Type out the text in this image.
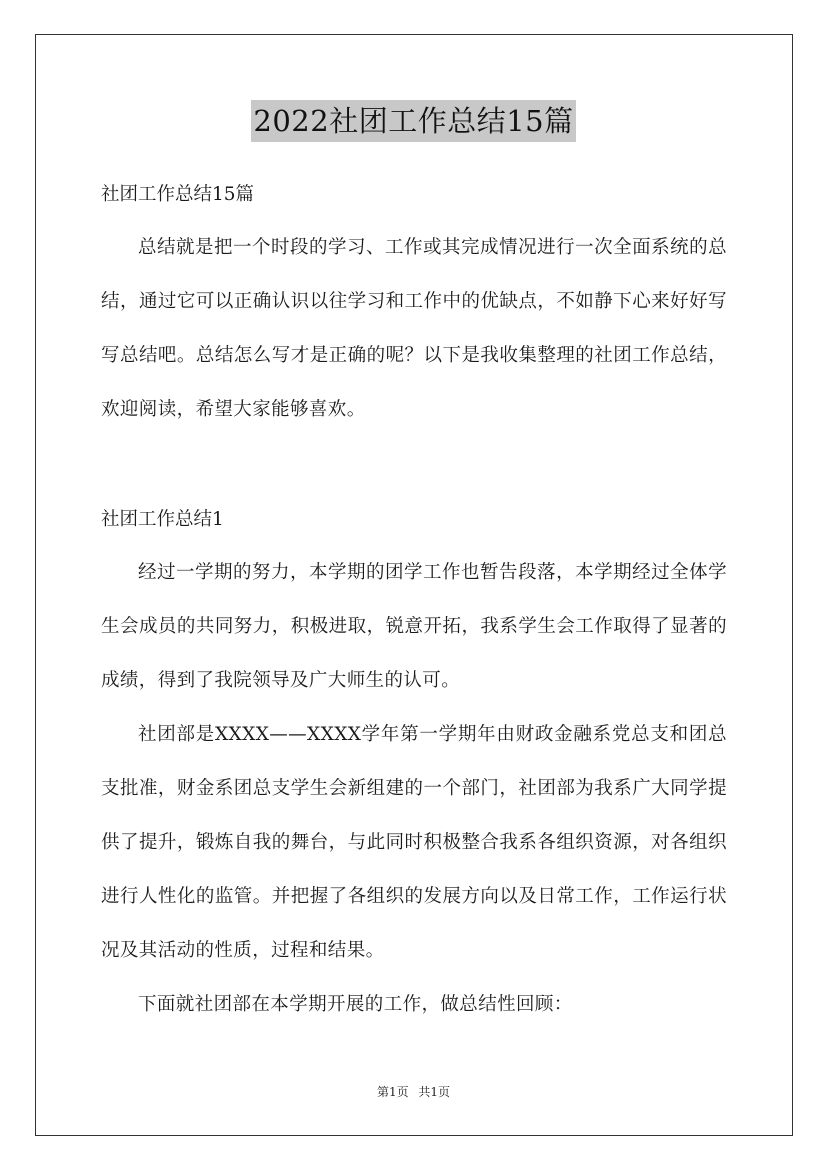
2022社团工作总结15篇
社团工作总结15篇
总结就是把一个时段的学习、工作或其完成情况进行一次全面系统的总结，通过它可以正确认识以往学习和工作中的优缺点，不如静下心来好好写写总结吧。总结怎么写才是正确的呢？以下是我收集整理的社团工作总结，欢迎阅读，希望大家能够喜欢。
社团工作总结1
经过一学期的努力，本学期的团学工作也暂告段落，本学期经过全体学生会成员的共同努力，积极进取，锐意开拓，我系学生会工作取得了显著的成绩，得到了我院领导及广大师生的认可。
社团部是XXXX——XXXX学年第一学期年由财政金融系党总支和团总支批准，财金系团总支学生会新组建的一个部门，社团部为我系广大同学提供了提升，锻炼自我的舞台，与此同时积极整合我系各组织资源，对各组织进行人性化的监管。并把握了各组织的发展方向以及日常工作，工作运行状况及其活动的性质，过程和结果。
下面就社团部在本学期开展的工作，做总结性回顾：
第1页 共1页
